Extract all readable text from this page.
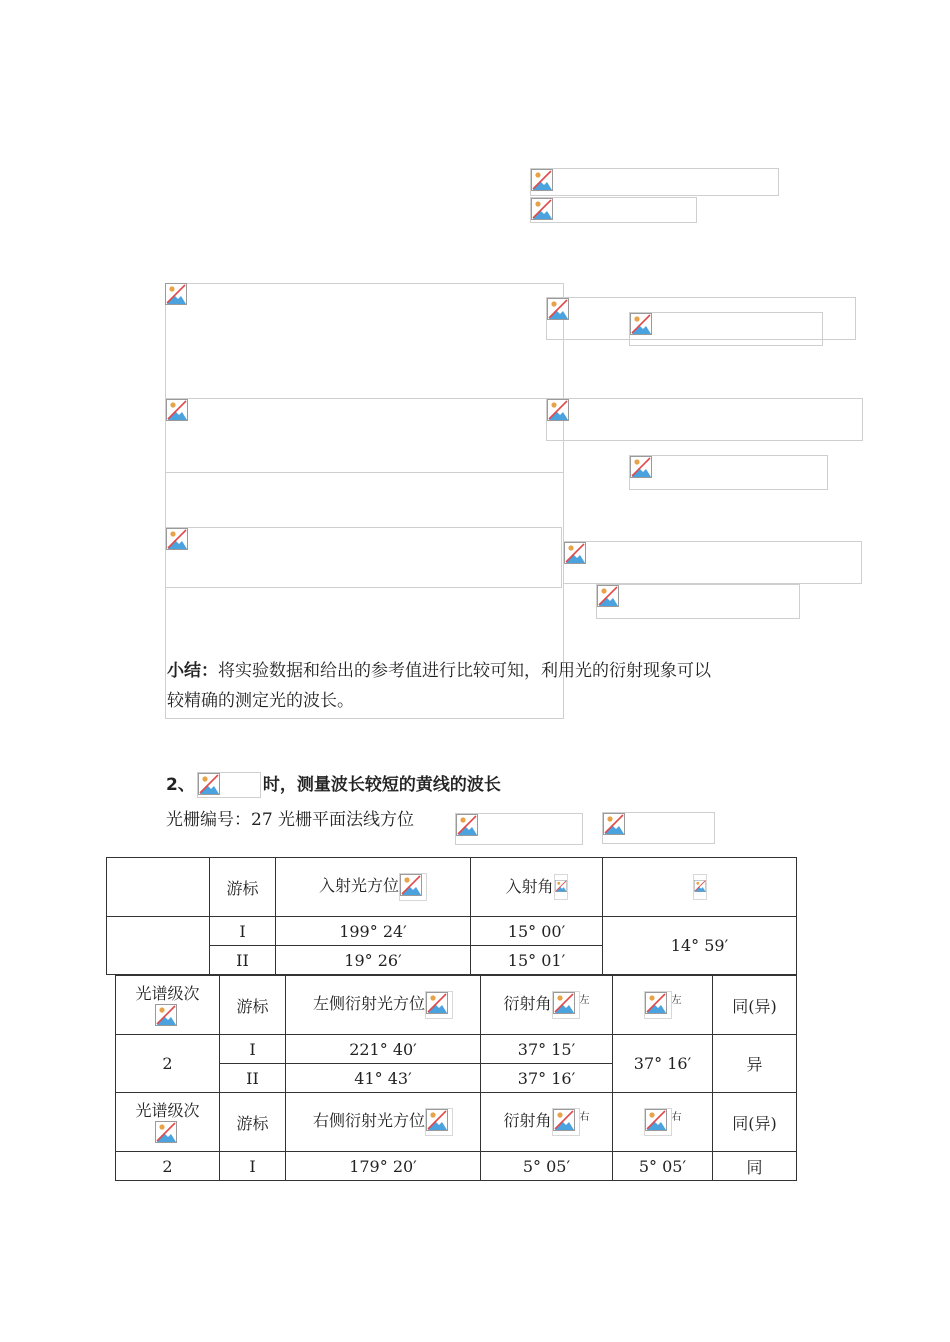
小结：将实验数据和给出的参考值进行比较可知，利用光的衍射现象可以
较精确的测定光的波长。
2、	时，测量波长较短的黄线的波长
光栅编号：27 光栅平面法线方位
	游标	入射光方位	入射角

	I	199° 24′	15° 00′	14° 59′
	II	19° 26′	15° 01′	
光谱级次	游标	左侧衍射光方位	衍射角 $^左$	$^左$	同(异)
2	I	221° 40′	37° 15′	37° 16′	异
	II	41° 43′	37° 16′		
光谱级次	游标	右侧衍射光方位	衍射角 $^右$	$^右$	同(异)
2	I	179° 20′	5° 05′	5° 05′	同
